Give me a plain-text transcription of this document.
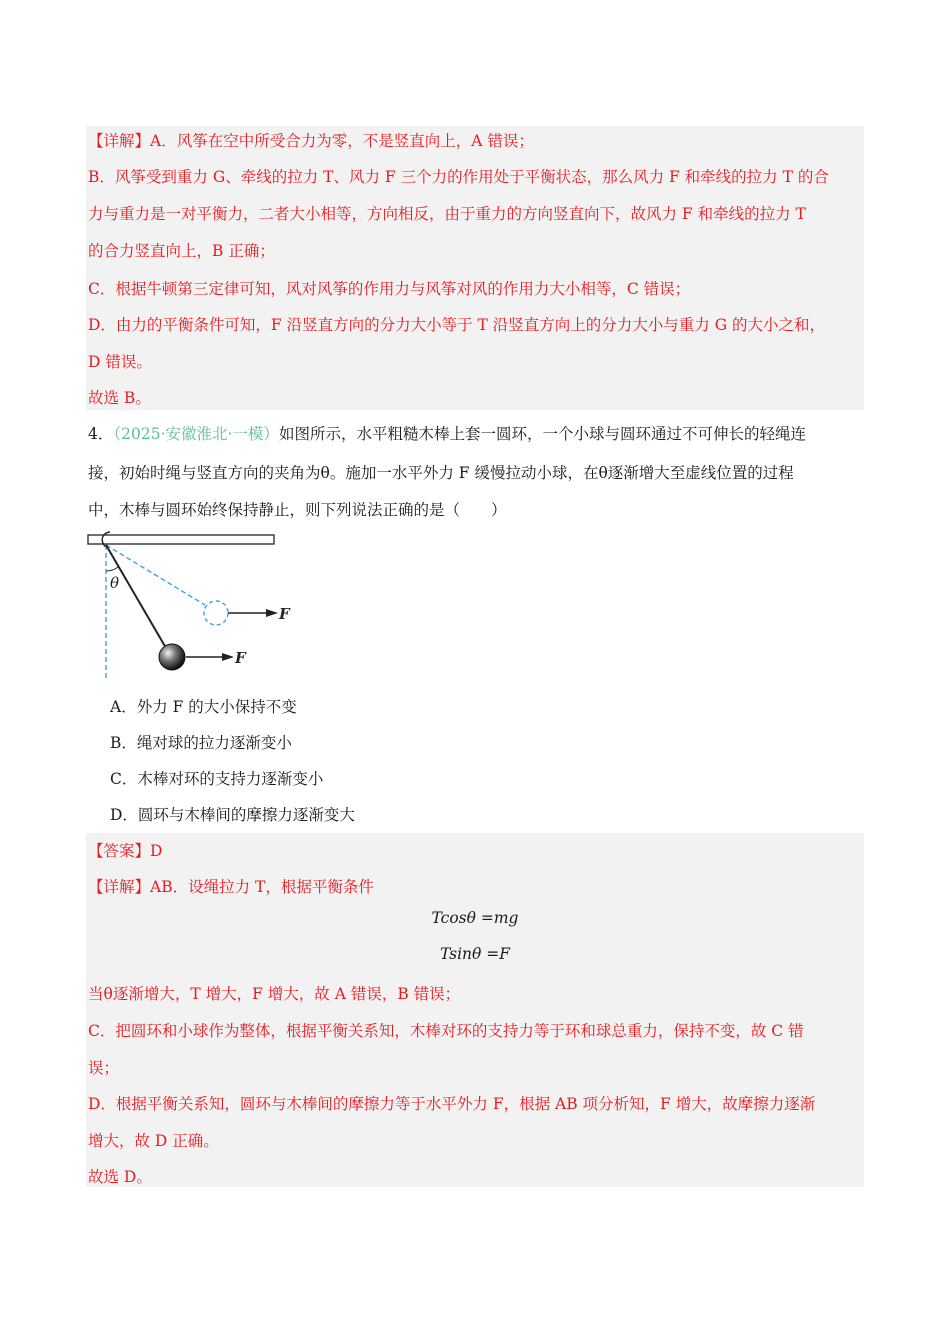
【详解】A．风筝在空中所受合力为零，不是竖直向上，A 错误；
B．风筝受到重力 G、牵线的拉力 T、风力 F 三个力的作用处于平衡状态，那么风力 F 和牵线的拉力 T 的合
力与重力是一对平衡力，二者大小相等，方向相反，由于重力的方向竖直向下，故风力 F 和牵线的拉力 T
的合力竖直向上，B 正确；
C．根据牛顿第三定律可知，风对风筝的作用力与风筝对风的作用力大小相等，C 错误；
D．由力的平衡条件可知，F 沿竖直方向的分力大小等于 T 沿竖直方向上的分力大小与重力 G 的大小之和，
D 错误。
故选 B。
4．（2025·安徽淮北·一模）如图所示，水平粗糙木棒上套一圆环，一个小球与圆环通过不可伸长的轻绳连
接，初始时绳与竖直方向的夹角为θ。施加一水平外力 F 缓慢拉动小球，在θ逐渐增大至虚线位置的过程
中，木棒与圆环始终保持静止，则下列说法正确的是（　　）
F
θ
F
A．外力 F 的大小保持不变
B．绳对球的拉力逐渐变小
C．木棒对环的支持力逐渐变小
D．圆环与木棒间的摩擦力逐渐变大
【答案】D
【详解】AB．设绳拉力 T，根据平衡条件
Tcosθ =mg
Tsinθ =F
当θ逐渐增大，T 增大，F 增大，故 A 错误，B 错误；
C．把圆环和小球作为整体，根据平衡关系知，木棒对环的支持力等于环和球总重力，保持不变，故 C 错
误；
D．根据平衡关系知，圆环与木棒间的摩擦力等于水平外力 F，根据 AB 项分析知，F 增大，故摩擦力逐渐
增大，故 D 正确。
故选 D。
